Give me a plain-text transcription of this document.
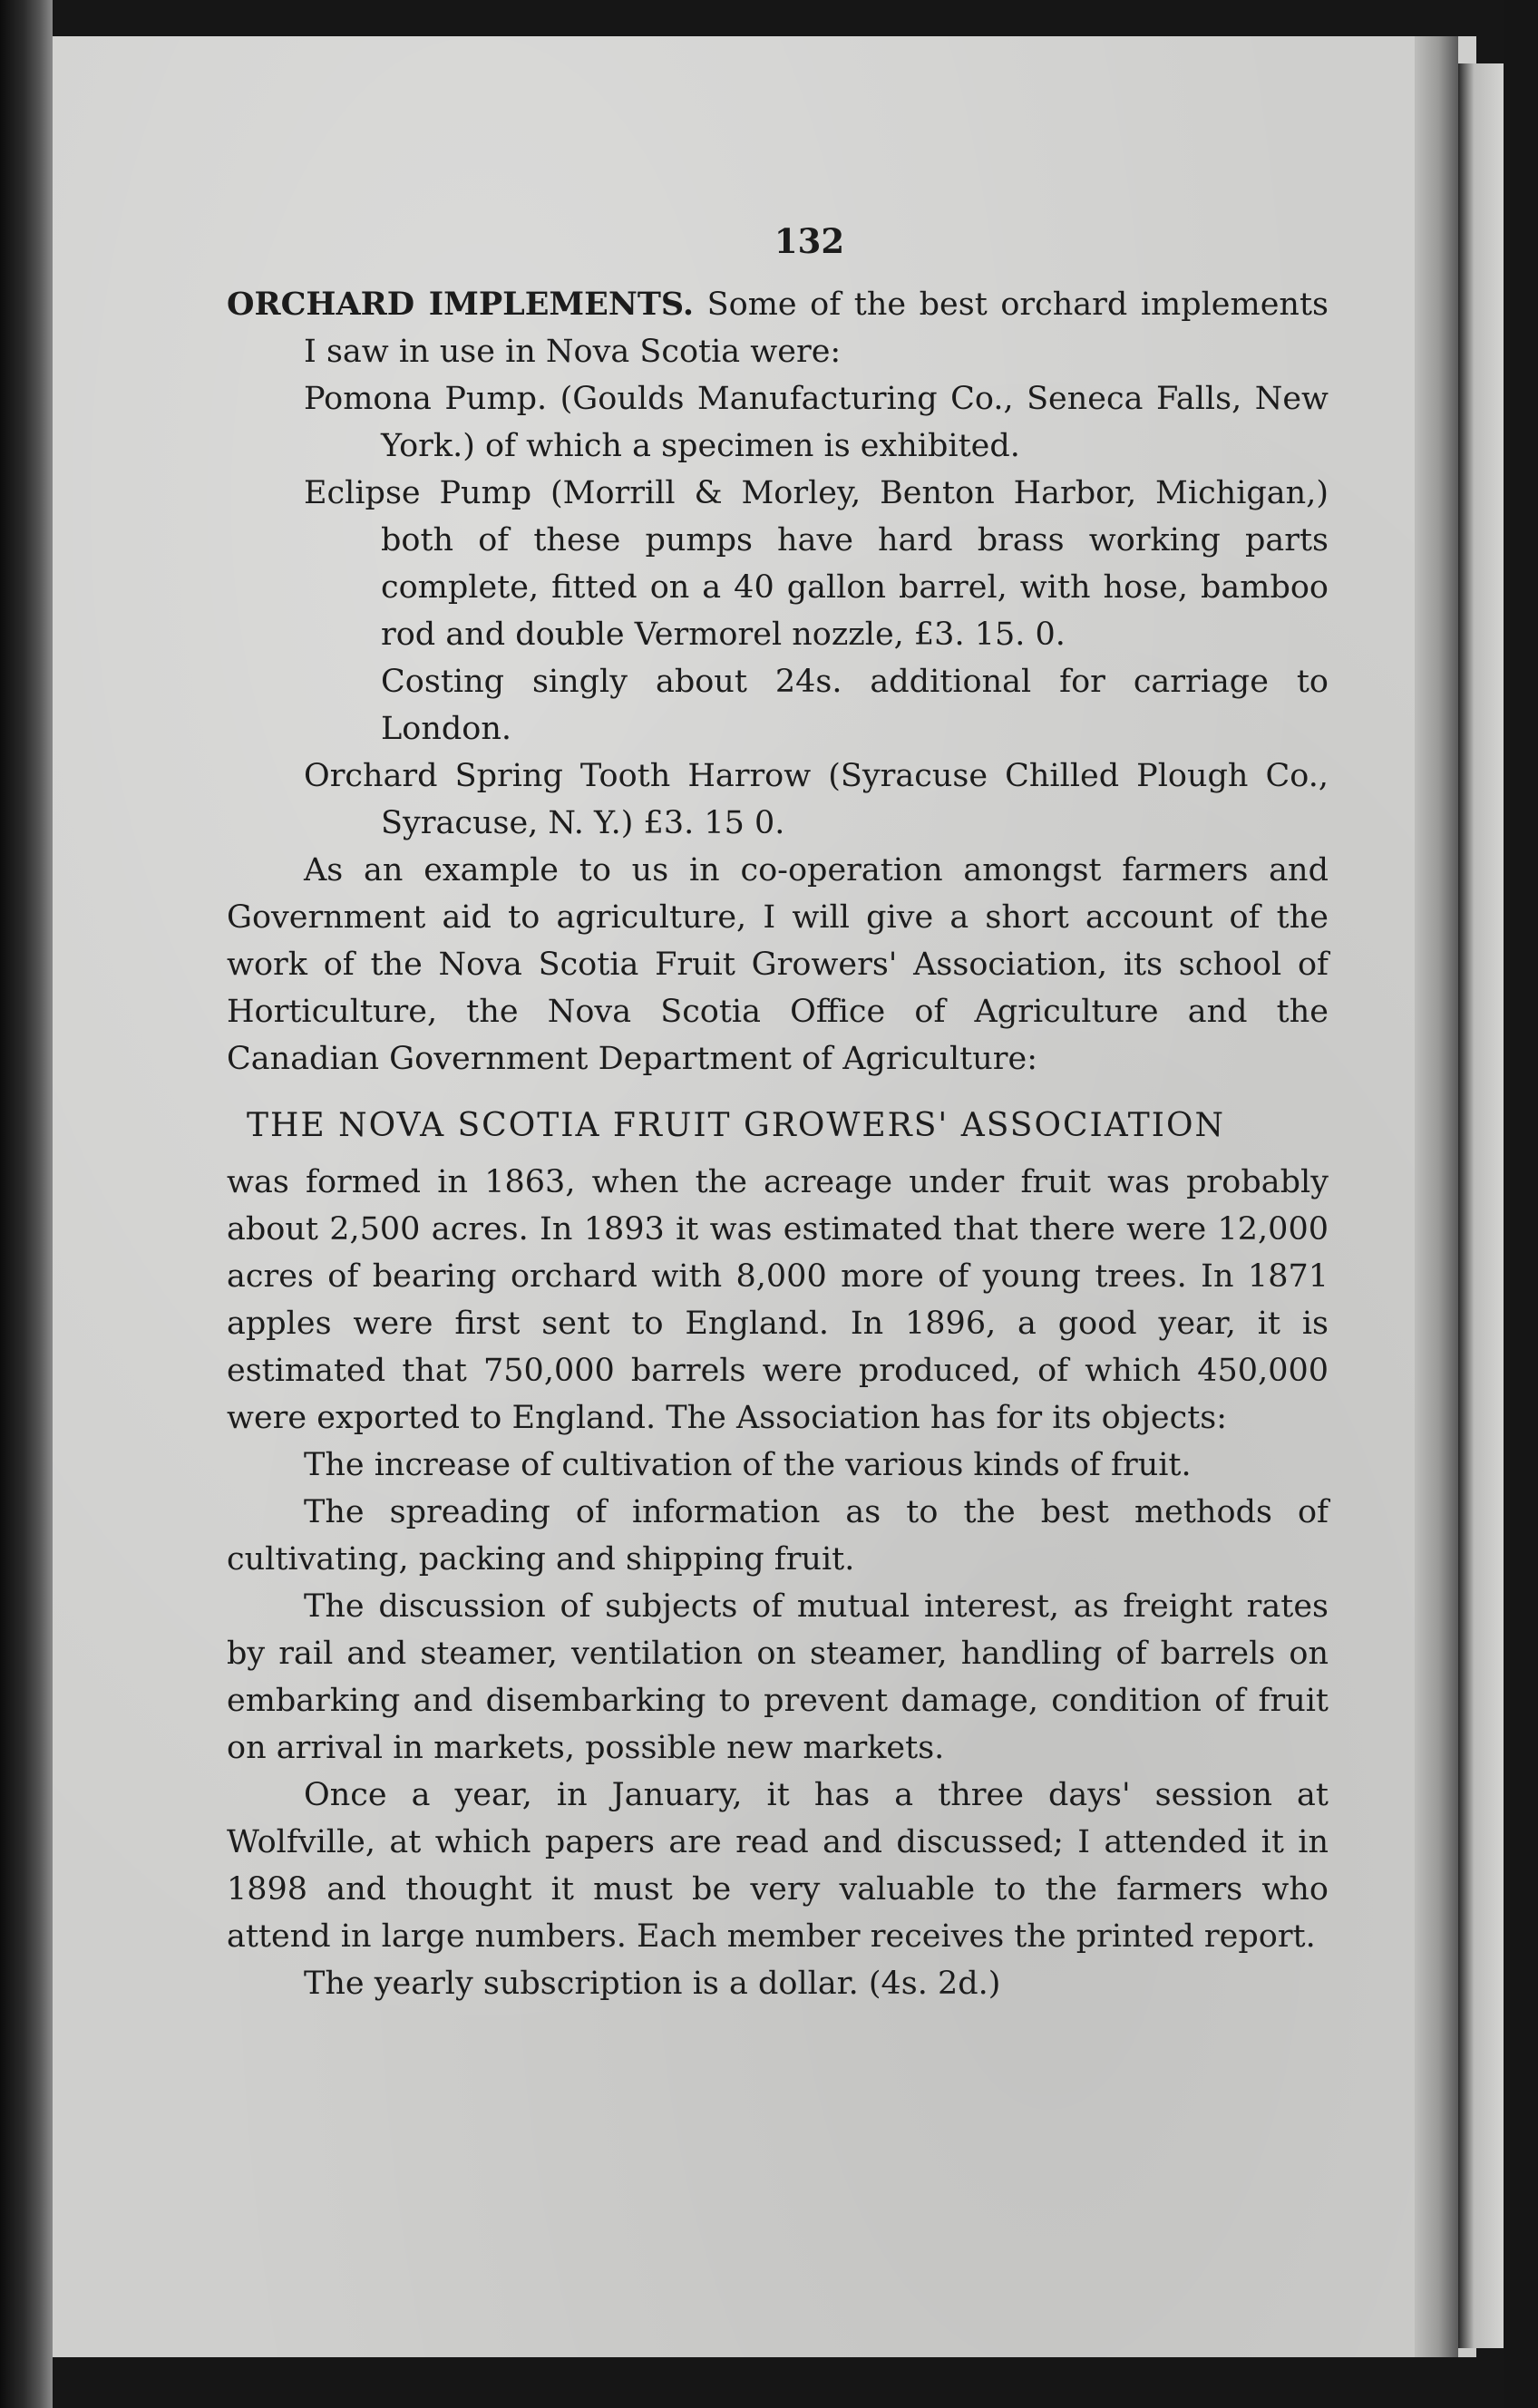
132

ORCHARD IMPLEMENTS. Some of the best orchard implements I saw in use in Nova Scotia were:

Pomona Pump. (Goulds Manufacturing Co., Seneca Falls, New York.) of which a specimen is exhibited.

Eclipse Pump (Morrill & Morley, Benton Harbor, Michigan,) both of these pumps have hard brass working parts complete, fitted on a 40 gallon barrel, with hose, bamboo rod and double Vermorel nozzle, £3. 15. 0.

Costing singly about 24s. additional for carriage to London.

Orchard Spring Tooth Harrow (Syracuse Chilled Plough Co., Syracuse, N. Y.) £3. 15 0.

As an example to us in co-operation amongst farmers and Government aid to agriculture, I will give a short account of the work of the Nova Scotia Fruit Growers' Association, its school of Horticulture, the Nova Scotia Office of Agriculture and the Canadian Government Department of Agriculture:

THE NOVA SCOTIA FRUIT GROWERS' ASSOCIATION

was formed in 1863, when the acreage under fruit was probably about 2,500 acres. In 1893 it was estimated that there were 12,000 acres of bearing orchard with 8,000 more of young trees. In 1871 apples were first sent to England. In 1896, a good year, it is estimated that 750,000 barrels were produced, of which 450,000 were exported to England. The Association has for its objects:

The increase of cultivation of the various kinds of fruit.

The spreading of information as to the best methods of cultivating, packing and shipping fruit.

The discussion of subjects of mutual interest, as freight rates by rail and steamer, ventilation on steamer, handling of barrels on embarking and disembarking to prevent damage, condition of fruit on arrival in markets, possible new markets.

Once a year, in January, it has a three days' session at Wolfville, at which papers are read and discussed; I attended it in 1898 and thought it must be very valuable to the farmers who attend in large numbers. Each member receives the printed report.

The yearly subscription is a dollar. (4s. 2d.)
